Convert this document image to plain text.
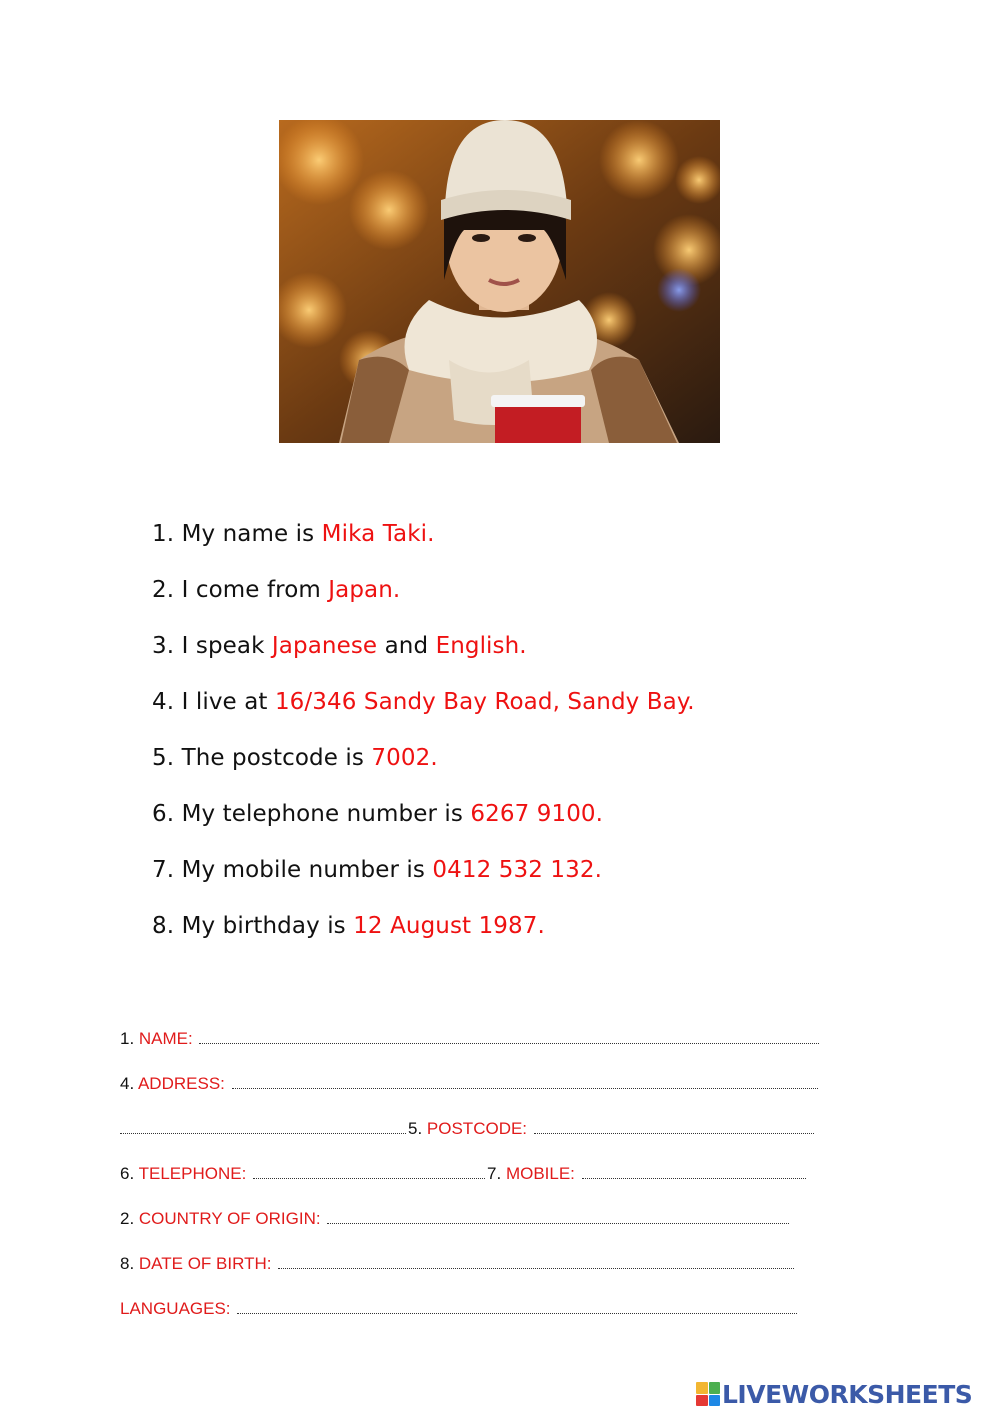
1. My name is Mika Taki.
2. I come from Japan.
3. I speak Japanese and English.
4. I live at 16/346 Sandy Bay Road, Sandy Bay.
5. The postcode is 7002.
6. My telephone number is 6267 9100.
7. My mobile number is 0412 532 132.
8. My birthday is 12 August 1987.
1. NAME:
4. ADDRESS:
5. POSTCODE:
6. TELEPHONE:	7. MOBILE:
2. COUNTRY OF ORIGIN:
8. DATE OF BIRTH:
LANGUAGES:
LIVEWORKSHEETS
